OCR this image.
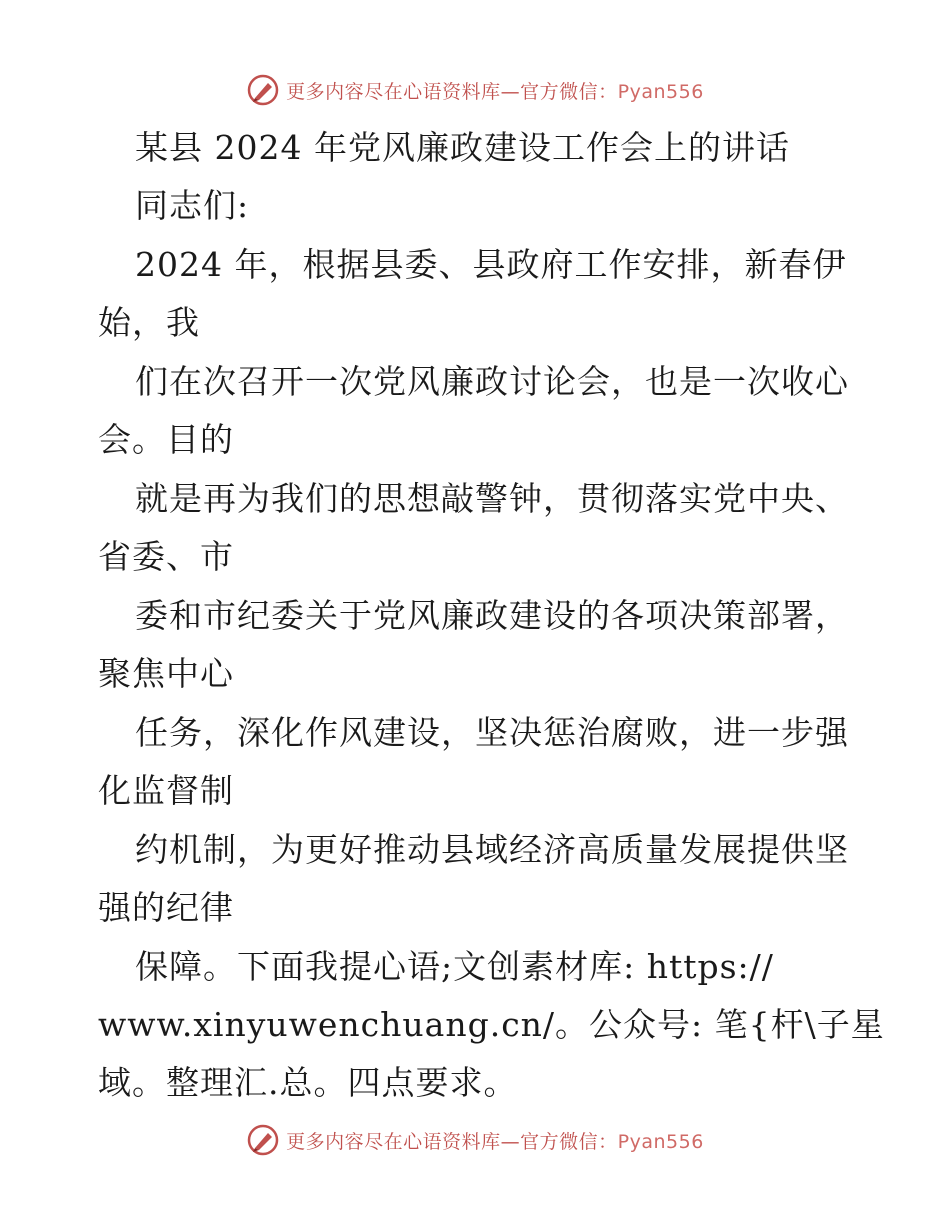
更多内容尽在心语资料库—官方微信：Pyan556
某县 2024 年党风廉政建设工作会上的讲话
同志们:
2024 年，根据县委、县政府工作安排，新春伊
始，我
们在次召开一次党风廉政讨论会，也是一次收心
会。目的
就是再为我们的思想敲警钟，贯彻落实党中央、
省委、市
委和市纪委关于党风廉政建设的各项决策部署，
聚焦中心
任务，深化作风建设，坚决惩治腐败，进一步强
化监督制
约机制，为更好推动县域经济高质量发展提供坚
强的纪律
保障。下面我提心语;文创素材库: https://
www.xinyuwenchuang.cn/。公众号: 笔{杆\子星
域。整理汇.总。四点要求。
更多内容尽在心语资料库—官方微信：Pyan556
